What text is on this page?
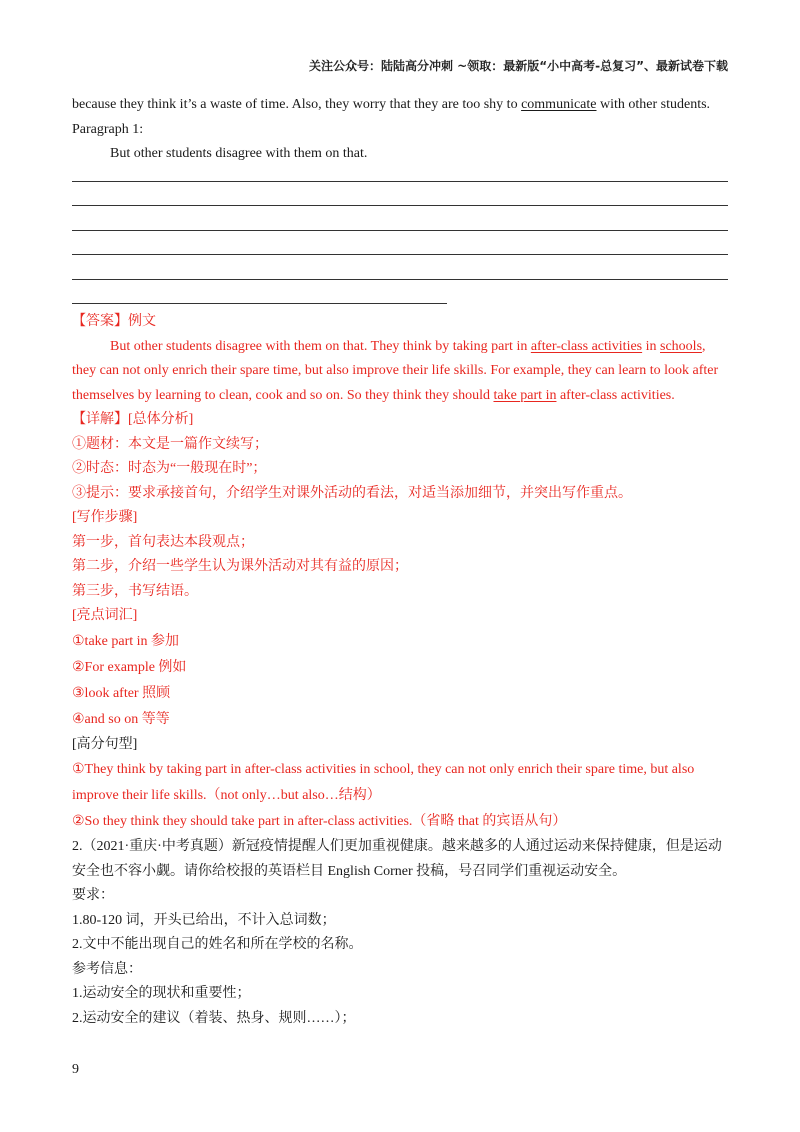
关注公众号：陆陆高分冲刺 ~领取：最新版“小中高考-总复习”、最新试卷下载
because they think it’s a waste of time. Also, they worry that they are too shy to communicate with other students.
Paragraph 1:
But other students disagree with them on that.
【答案】例文
But other students disagree with them on that. They think by taking part in after-class activities in schools,
they can not only enrich their spare time, but also improve their life skills. For example, they can learn to look after
themselves by learning to clean, cook and so on. So they think they should take part in after-class activities.
【详解】[总体分析]
①题材：本文是一篇作文续写；
②时态：时态为“一般现在时”；
③提示：要求承接首句，介绍学生对课外活动的看法，对适当添加细节，并突出写作重点。
[写作步骤]
第一步，首句表达本段观点；
第二步，介绍一些学生认为课外活动对其有益的原因；
第三步，书写结语。
[亮点词汇]
①take part in 参加
②For example 例如
③look after 照顾
④and so on 等等
[高分句型]
①They think by taking part in after-class activities in school, they can not only enrich their spare time, but also
improve their life skills.（not only…but also…结构）
②So they think they should take part in after-class activities.（省略 that 的宾语从句）
2.（2021·重庆·中考真题）新冠疫情提醒人们更加重视健康。越来越多的人通过运动来保持健康，但是运动
安全也不容小觑。请你给校报的英语栏目 English Corner 投稿，号召同学们重视运动安全。
要求：
1.80-120 词，开头已给出，不计入总词数；
2.文中不能出现自己的姓名和所在学校的名称。
参考信息：
1.运动安全的现状和重要性；
2.运动安全的建议（着装、热身、规则……）；
9
